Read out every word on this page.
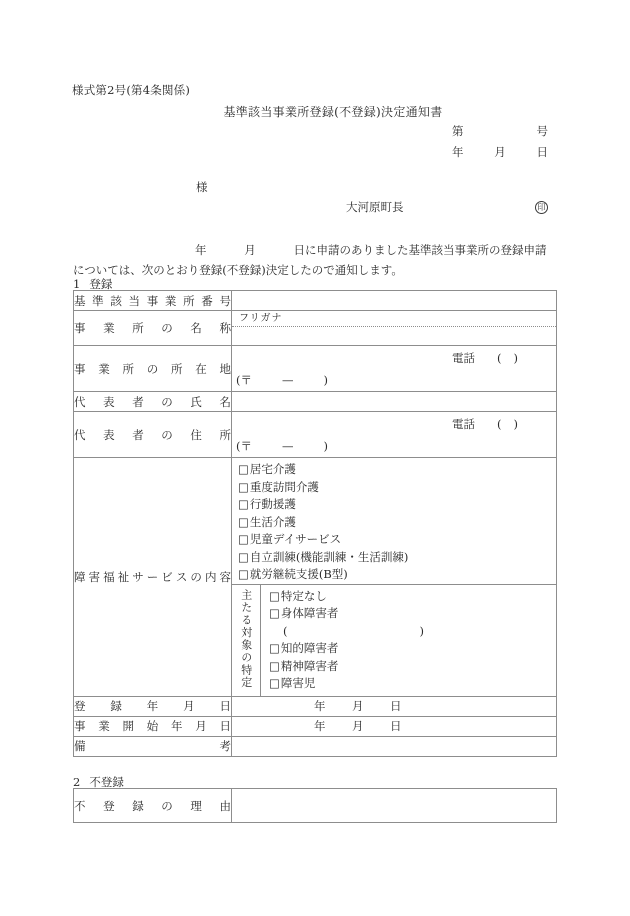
様式第2号(第4条関係)
基準該当事業所登録(不登録)決定通知書
第	号
年	月	日
様
大河原町長	印
年	月	日 に申請のありました基準該当事業所の登録申請については、次のとおり登録(不登録)決定したので通知します。
1 登録
基準該当事業所番号

事業所の名称

フリガナ

事業所の所在地

(〒	—	)
電話 ()

代表者の氏名

代表者の住所

(〒	—	)
電話 ()

障害福祉サービスの内容

□居宅介護
□重度訪問介護
□行動援護
□生活介護
□児童デイサービス
□自立訓練(機能訓練・生活訓練)
□就労継続支援(B型)
主たる対象の特定	□特定なし
□身体障害者
(	)
□知的障害者
□精神障害者
□障害児

登録年月日	年 月 日

事業開始年月日	年 月 日

備考

2 不登録
不登録の理由
